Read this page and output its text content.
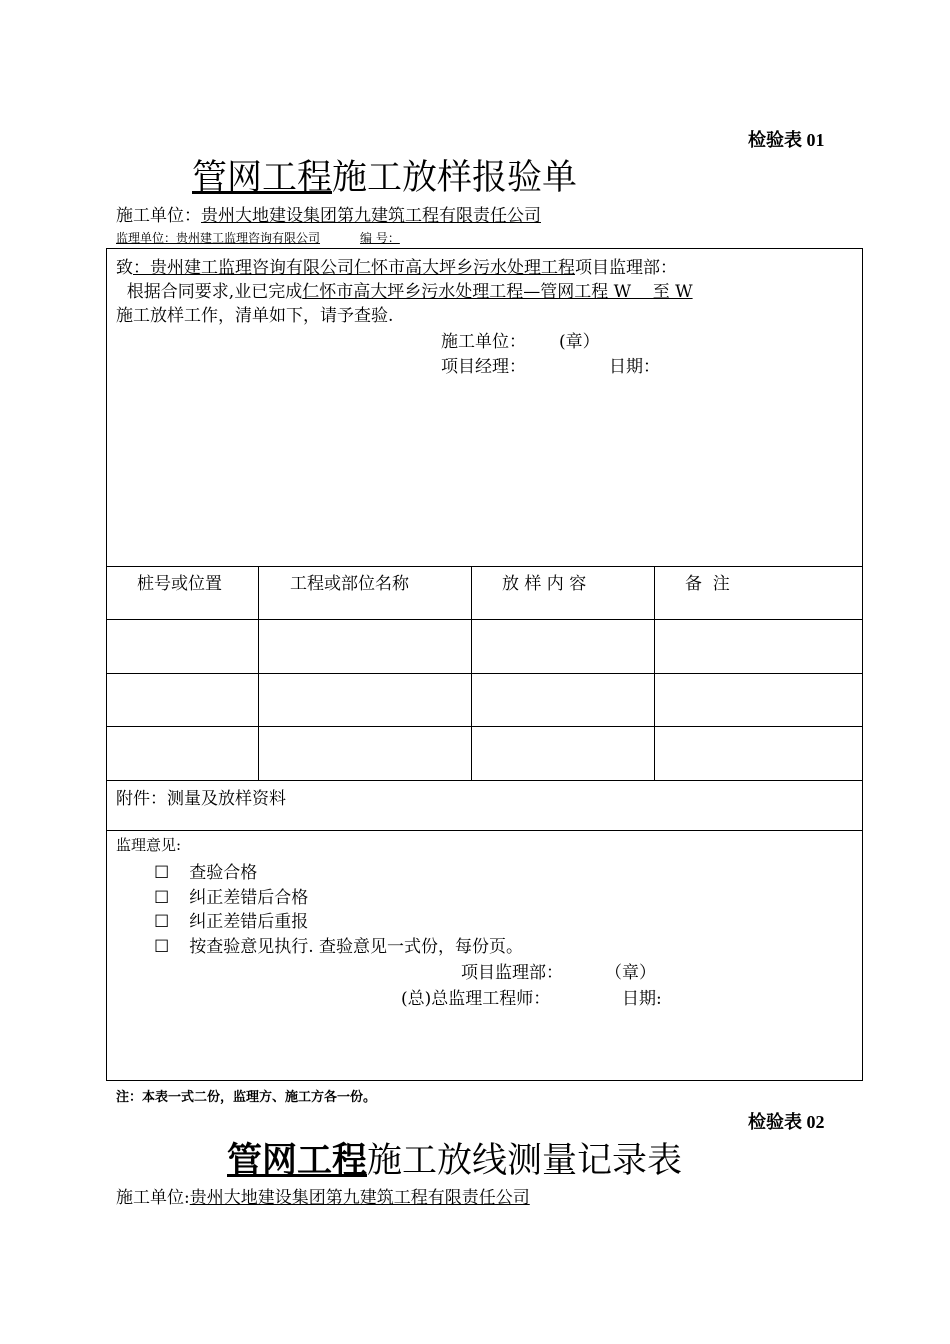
检验表 01
管网工程施工放样报验单
施工单位：贵州大地建设集团第九建筑工程有限责任公司
监理单位：贵州建工监理咨询有限公司	编 号：
致：贵州建工监理咨询有限公司仁怀市高大坪乡污水处理工程项目监理部：
根据合同要求,业已完成仁怀市高大坪乡污水处理工程—管网工程 W    至 W
施工放样工作，清单如下，请予查验.
施工单位： (章）
项目经理：	日期：
桩号或位置	工程或部位名称	放 样 内 容	备  注
附件：测量及放样资料
监理意见:
☐ 查验合格
☐ 纠正差错后合格
☐ 纠正差错后重报
☐ 按查验意见执行. 查验意见一式份，每份页。
项目监理部： （章）
(总)总监理工程师：	日期:
注：本表一式二份，监理方、施工方各一份。
检验表 02
管网工程施工放线测量记录表
施工单位:贵州大地建设集团第九建筑工程有限责任公司
